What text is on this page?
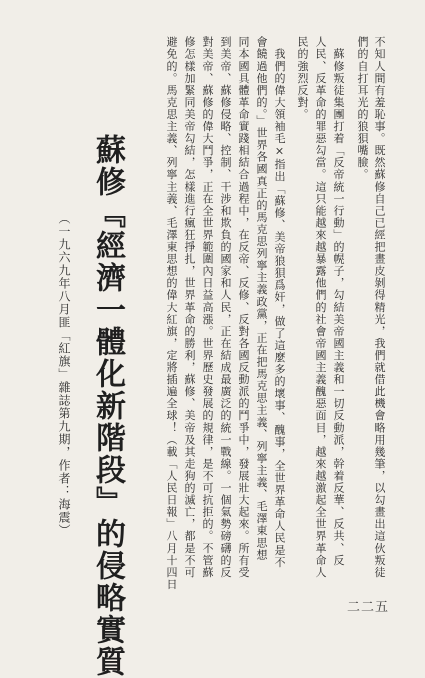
不知人間有羞恥事。既然蘇修自己已經把畫皮剝得精光，我們就借此機會略用幾筆，以勾畫出這伙叛徒
們的自打耳光的狼狽嘴臉。
　蘇修叛徒集團打着「反帝統一行動」的幌子，勾結美帝國主義和一切反動派，幹着反華、反共、反
人民、反革命的罪惡勾當。這只能越來越暴露他們的社會帝國主義醜惡面目，越來越激起全世界革命人
民的強烈反對。
　我們的偉大領袖毛×指出「蘇修、美帝狼狽爲奸，做了這麼多的壞事、醜事，全世界革命人民是不
會饒過他們的。」世界各國真正的馬克思列寧主義政黨，正在把馬克思主義、列寧主義、毛澤東思想
同本國具體革命實踐相結合過程中，在反帝、反修、反對各國反動派的鬥爭中，發展壯大起來。所有受
到美帝、蘇修侵略、控制、干涉和欺負的國家和人民，正在結成最廣泛的統一戰線。一個氣勢磅礴的反
對美帝、蘇修的偉大鬥爭，正在全世界範圍內日益高漲。世界歷史發展的規律，是不可抗拒的。不管蘇
修怎樣加緊同美帝勾結，怎樣進行瘋狂掙扎，世界革命的勝利，蘇修、美帝及其走狗的滅亡，都是不可
避免的。馬克思主義、列寧主義、毛澤東思想的偉大紅旗，定將插遍全球！（載「人民日報」八月十四日
蘇修『經濟一體化新階段』的侵略實質
（一九六九年八月匪「紅旗」雜誌第九期，作者：海震）
二二五
